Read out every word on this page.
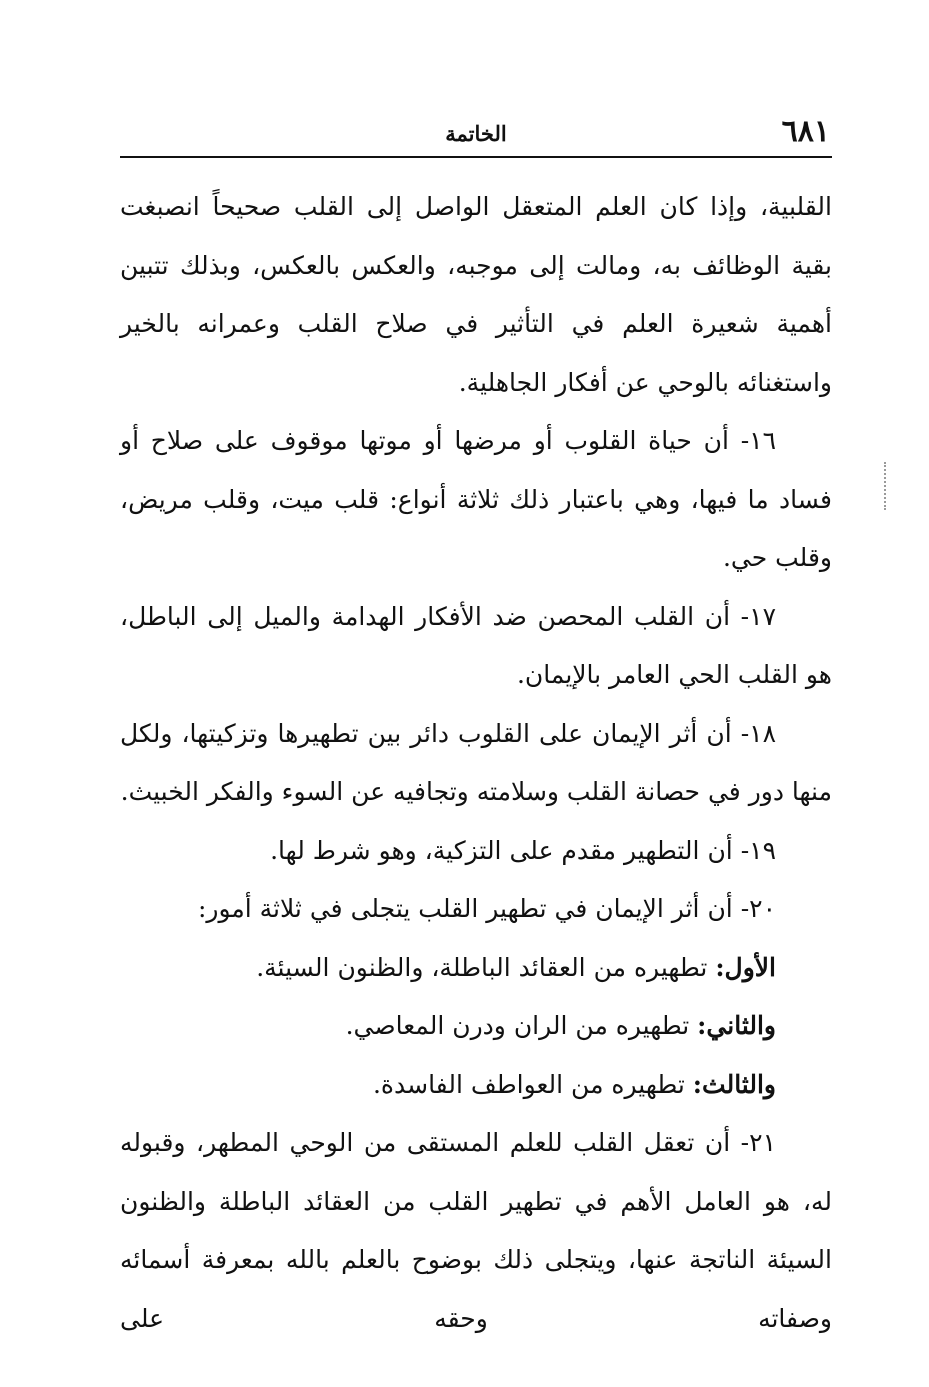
٦٨١
الخاتمة

القلبية، وإذا كان العلم المتعقل الواصل إلى القلب صحيحاً انصبغت بقية الوظائف به، ومالت إلى موجبه، والعكس بالعكس، وبذلك تتبين أهمية شعيرة العلم في التأثير في صلاح القلب وعمرانه بالخير واستغنائه بالوحي عن أفكار الجاهلية.

١٦- أن حياة القلوب أو مرضها أو موتها موقوف على صلاح أو فساد ما فيها، وهي باعتبار ذلك ثلاثة أنواع: قلب ميت، وقلب مريض، وقلب حي.

١٧- أن القلب المحصن ضد الأفكار الهدامة والميل إلى الباطل، هو القلب الحي العامر بالإيمان.

١٨- أن أثر الإيمان على القلوب دائر بين تطهيرها وتزكيتها، ولكل منها دور في حصانة القلب وسلامته وتجافيه عن السوء والفكر الخبيث.

١٩- أن التطهير مقدم على التزكية، وهو شرط لها.

٢٠- أن أثر الإيمان في تطهير القلب يتجلى في ثلاثة أمور:

الأول: تطهيره من العقائد الباطلة، والظنون السيئة.

والثاني: تطهيره من الران ودرن المعاصي.

والثالث: تطهيره من العواطف الفاسدة.

٢١- أن تعقل القلب للعلم المستقى من الوحي المطهر، وقبوله له، هو العامل الأهم في تطهير القلب من العقائد الباطلة والظنون السيئة الناتجة عنها، ويتجلى ذلك بوضوح بالعلم بالله بمعرفة أسمائه وصفاته وحقه على
